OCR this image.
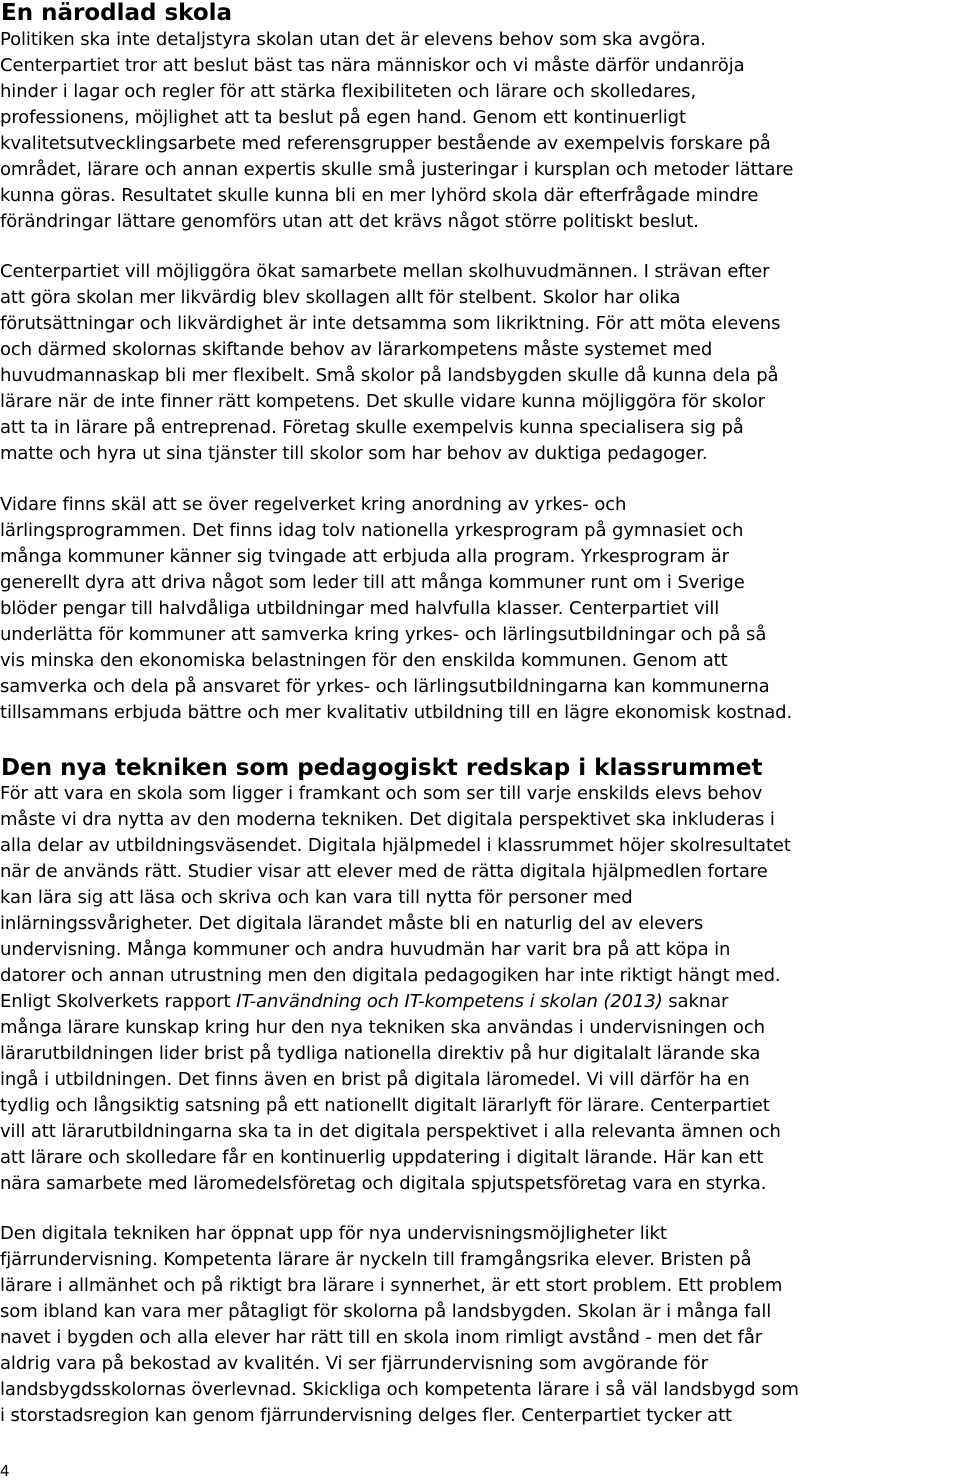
En närodlad skola
Politiken ska inte detaljstyra skolan utan det är elevens behov som ska avgöra.
Centerpartiet tror att beslut bäst tas nära människor och vi måste därför undanröja
hinder i lagar och regler för att stärka flexibiliteten och lärare och skolledares,
professionens, möjlighet att ta beslut på egen hand. Genom ett kontinuerligt
kvalitetsutvecklingsarbete med referensgrupper bestående av exempelvis forskare på
området, lärare och annan expertis skulle små justeringar i kursplan och metoder lättare
kunna göras. Resultatet skulle kunna bli en mer lyhörd skola där efterfrågade mindre
förändringar lättare genomförs utan att det krävs något större politiskt beslut.
Centerpartiet vill möjliggöra ökat samarbete mellan skolhuvudmännen. I strävan efter
att göra skolan mer likvärdig blev skollagen allt för stelbent. Skolor har olika
förutsättningar och likvärdighet är inte detsamma som likriktning. För att möta elevens
och därmed skolornas skiftande behov av lärarkompetens måste systemet med
huvudmannaskap bli mer flexibelt. Små skolor på landsbygden skulle då kunna dela på
lärare när de inte finner rätt kompetens. Det skulle vidare kunna möjliggöra för skolor
att ta in lärare på entreprenad. Företag skulle exempelvis kunna specialisera sig på
matte och hyra ut sina tjänster till skolor som har behov av duktiga pedagoger.
Vidare finns skäl att se över regelverket kring anordning av yrkes- och
lärlingsprogrammen. Det finns idag tolv nationella yrkesprogram på gymnasiet och
många kommuner känner sig tvingade att erbjuda alla program. Yrkesprogram är
generellt dyra att driva något som leder till att många kommuner runt om i Sverige
blöder pengar till halvdåliga utbildningar med halvfulla klasser. Centerpartiet vill
underlätta för kommuner att samverka kring yrkes- och lärlingsutbildningar och på så
vis minska den ekonomiska belastningen för den enskilda kommunen. Genom att
samverka och dela på ansvaret för yrkes- och lärlingsutbildningarna kan kommunerna
tillsammans erbjuda bättre och mer kvalitativ utbildning till en lägre ekonomisk kostnad.
Den nya tekniken som pedagogiskt redskap i klassrummet
För att vara en skola som ligger i framkant och som ser till varje enskilds elevs behov
måste vi dra nytta av den moderna tekniken. Det digitala perspektivet ska inkluderas i
alla delar av utbildningsväsendet. Digitala hjälpmedel i klassrummet höjer skolresultatet
när de används rätt. Studier visar att elever med de rätta digitala hjälpmedlen fortare
kan lära sig att läsa och skriva och kan vara till nytta för personer med
inlärningssvårigheter. Det digitala lärandet måste bli en naturlig del av elevers
undervisning. Många kommuner och andra huvudmän har varit bra på att köpa in
datorer och annan utrustning men den digitala pedagogiken har inte riktigt hängt med.
Enligt Skolverkets rapport IT-användning och IT-kompetens i skolan (2013) saknar
många lärare kunskap kring hur den nya tekniken ska användas i undervisningen och
lärarutbildningen lider brist på tydliga nationella direktiv på hur digitalalt lärande ska
ingå i utbildningen. Det finns även en brist på digitala läromedel. Vi vill därför ha en
tydlig och långsiktig satsning på ett nationellt digitalt lärarlyft för lärare. Centerpartiet
vill att lärarutbildningarna ska ta in det digitala perspektivet i alla relevanta ämnen och
att lärare och skolledare får en kontinuerlig uppdatering i digitalt lärande. Här kan ett
nära samarbete med läromedelsföretag och digitala spjutspetsföretag vara en styrka.
Den digitala tekniken har öppnat upp för nya undervisningsmöjligheter likt
fjärrundervisning. Kompetenta lärare är nyckeln till framgångsrika elever. Bristen på
lärare i allmänhet och på riktigt bra lärare i synnerhet, är ett stort problem. Ett problem
som ibland kan vara mer påtagligt för skolorna på landsbygden. Skolan är i många fall
navet i bygden och alla elever har rätt till en skola inom rimligt avstånd - men det får
aldrig vara på bekostad av kvalitén. Vi ser fjärrundervisning som avgörande för
landsbygdsskolornas överlevnad. Skickliga och kompetenta lärare i så väl landsbygd som
i storstadsregion kan genom fjärrundervisning delges fler. Centerpartiet tycker att
4
